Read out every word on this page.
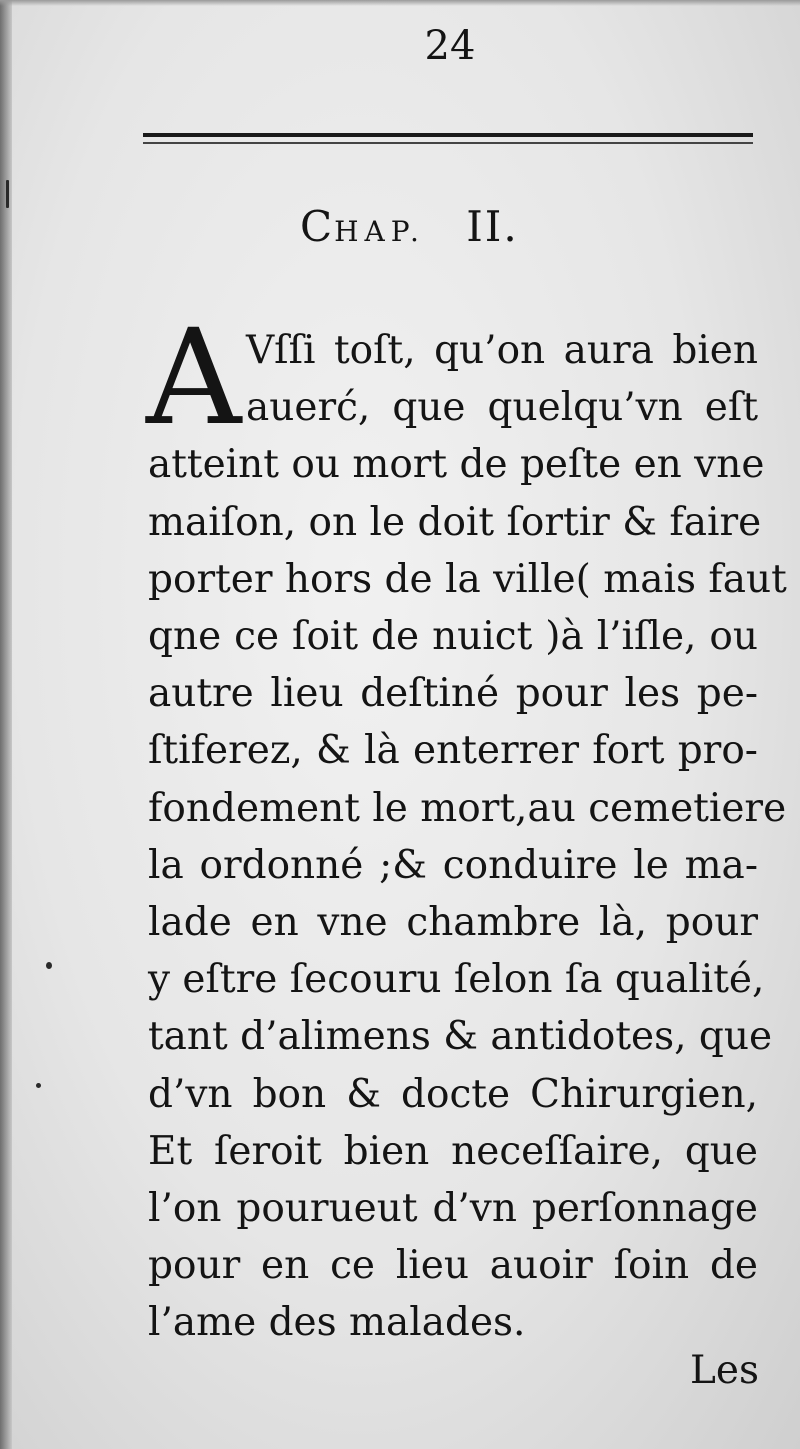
24
CHAP. II.
A Vſſi toſt, qu’on aura bien
auerć, que quelqu’vn eſt
atteint ou mort de peſte en vne
maiſon, on le doit ſortir & faire
porter hors de la ville( mais faut
qne ce ſoit de nuict )à l’iſle, ou
autre lieu deſtiné pour les pe-
ſtiferez, & là enterrer fort pro-
fondement le mort,au cemetiere
la ordonné ;& conduire le ma-
lade en vne chambre là, pour
y eſtre ſecouru ſelon ſa qualité,
tant d’alimens & antidotes, que
d’vn bon & docte Chirurgien,
Et ſeroit bien neceſſaire, que
l’on pourueut d’vn perſonnage
pour en ce lieu auoir ſoin de
l’ame des malades.
Les
